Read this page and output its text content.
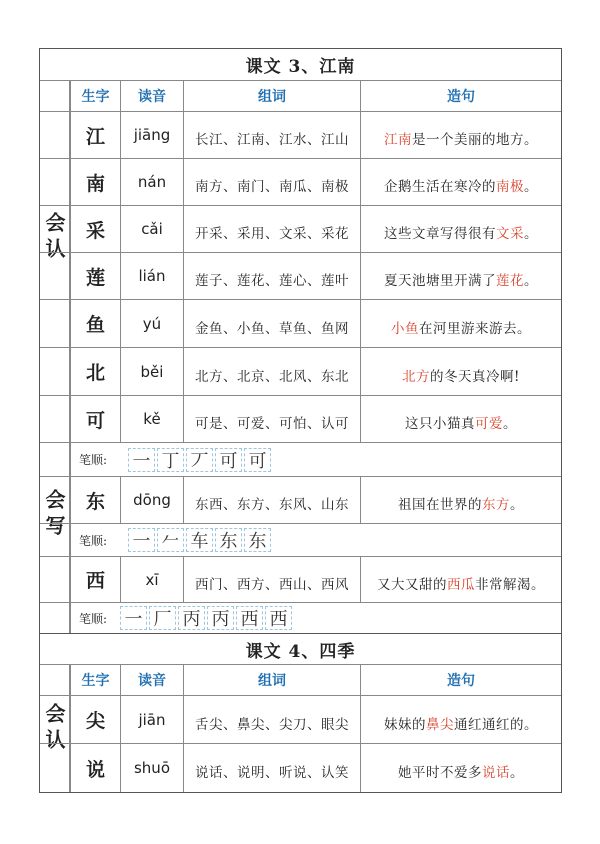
课文 3、江南
生字 读音	组词	造句
会认
江 jiāng 长江、江南、江水、江山	江南是一个美丽的地方。
南 nán 南方、南门、南瓜、南极	企鹅生活在寒冷的南极。
采 cǎi 开采、采用、文采、采花	这些文章写得很有文采。
莲 lián 莲子、莲花、莲心、莲叶	夏天池塘里开满了莲花。
鱼	yú	金鱼、小鱼、草鱼、鱼网	小鱼在河里游来游去。
北 běi 北方、北京、北风、东北	北方的冬天真冷啊!
会写
可	kě	可是、可爱、可怕、认可	这只小猫真可爱。
笔顺: 一 丁 丆 可 可
东 dōng 东西、东方、东风、山东	祖国在世界的东方。
笔顺: 一 𠂉 车 东 东
西	xī	西门、西方、西山、西风 又大又甜的西瓜非常解渴。
笔顺: 一 厂 丙 丙 西 西
课文 4、四季
生字 读音	组词	造句
会认 尖 jiān 舌尖、鼻尖、尖刀、眼尖	妹妹的鼻尖通红通红的。
说 shuō 说话、说明、听说、认笑	她平时不爱多说话。
